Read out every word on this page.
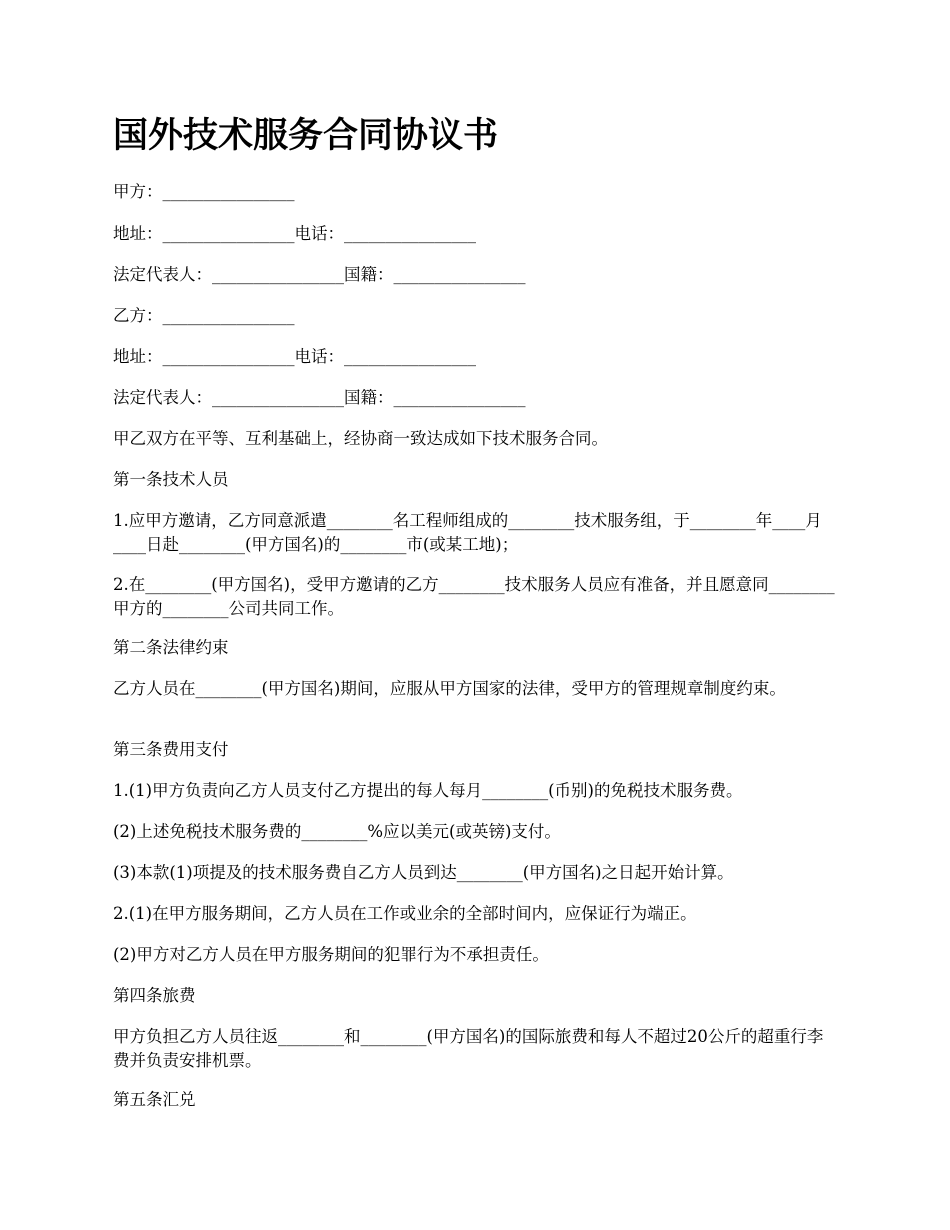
国外技术服务合同协议书

甲方：________________

地址：________________电话：________________

法定代表人：________________国籍：________________

乙方：________________

地址：________________电话：________________

法定代表人：________________国籍：________________

甲乙双方在平等、互利基础上，经协商一致达成如下技术服务合同。

第一条技术人员

1.应甲方邀请，乙方同意派遣________名工程师组成的________技术服务组，于________年____月____日赴________(甲方国名)的________市(或某工地)；

2.在________(甲方国名)，受甲方邀请的乙方________技术服务人员应有准备，并且愿意同________甲方的________公司共同工作。

第二条法律约束

乙方人员在________(甲方国名)期间，应服从甲方国家的法律，受甲方的管理规章制度约束。

第三条费用支付

1.(1)甲方负责向乙方人员支付乙方提出的每人每月________(币别)的免税技术服务费。

(2)上述免税技术服务费的________%应以美元(或英镑)支付。

(3)本款(1)项提及的技术服务费自乙方人员到达________(甲方国名)之日起开始计算。

2.(1)在甲方服务期间，乙方人员在工作或业余的全部时间内，应保证行为端正。

(2)甲方对乙方人员在甲方服务期间的犯罪行为不承担责任。

第四条旅费

甲方负担乙方人员往返________和________(甲方国名)的国际旅费和每人不超过20公斤的超重行李费并负责安排机票。

第五条汇兑
